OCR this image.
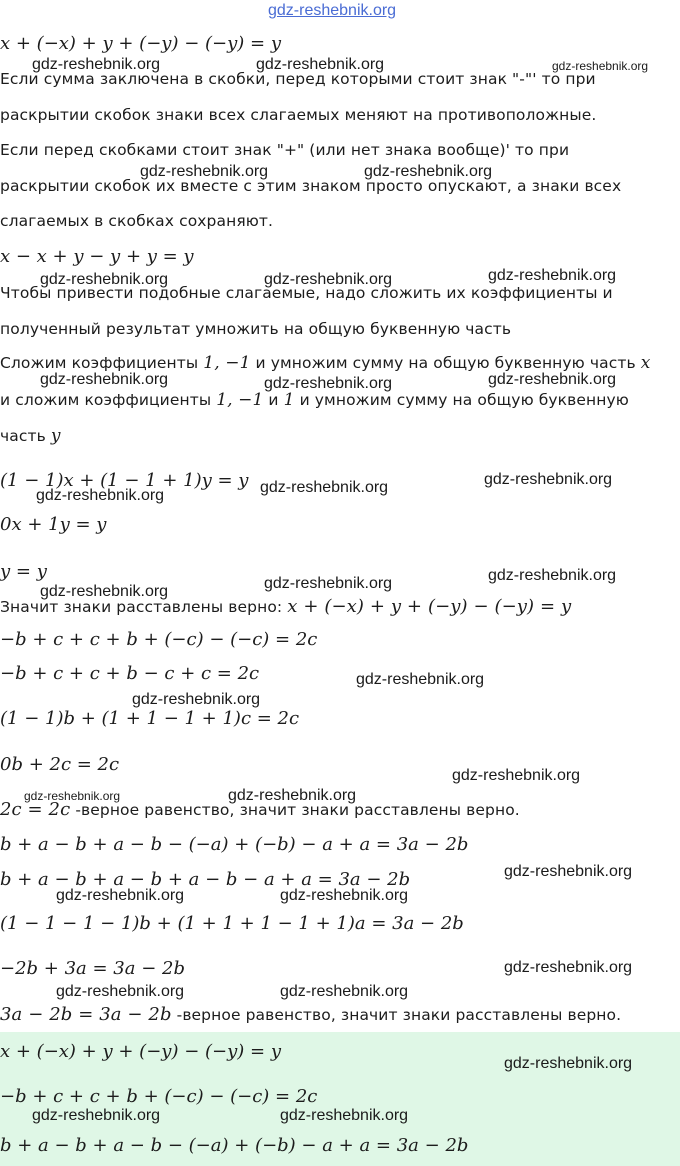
gdz-reshebnik.org
x + (−x) + y + (−y) − (−y) = y
Если сумма заключена в скобки, перед которыми стоит знак "-"' то при
раскрытии скобок знаки всех слагаемых меняют на противоположные.
Если перед скобками стоит знак "+" (или нет знака вообще)' то при
раскрытии скобок их вместе с этим знаком просто опускают, а знаки всех
слагаемых в скобках сохраняют.
x − x + y − y + y = y
Чтобы привести подобные слагаемые, надо сложить их коэффициенты и
полученный результат умножить на общую буквенную часть
Сложим коэффициенты 1, −1 и умножим сумму на общую буквенную часть x
и сложим коэффициенты 1, −1 и 1 и умножим сумму на общую буквенную
часть y
(1 − 1)x + (1 − 1 + 1)y = y
0x + 1y = y
y = y
Значит знаки расставлены верно: x + (−x) + y + (−y) − (−y) = y
−b + c + c + b + (−c) − (−c) = 2c
−b + c + c + b − c + c = 2c
(1 − 1)b + (1 + 1 − 1 + 1)c = 2c
0b + 2c = 2c
2c = 2c -верное равенство, значит знаки расставлены верно.
b + a − b + a − b − (−a) + (−b) − a + a = 3a − 2b
b + a − b + a − b + a − b − a + a = 3a − 2b
(1 − 1 − 1 − 1)b + (1 + 1 + 1 − 1 + 1)a = 3a − 2b
−2b + 3a = 3a − 2b
3a − 2b = 3a − 2b -верное равенство, значит знаки расставлены верно.
x + (−x) + y + (−y) − (−y) = y
−b + c + c + b + (−c) − (−c) = 2c
b + a − b + a − b − (−a) + (−b) − a + a = 3a − 2b
gdz-reshebnik.org	gdz-reshebnik.org	gdz-reshebnik.org
gdz-reshebnik.org	gdz-reshebnik.org
gdz-reshebnik.org	gdz-reshebnik.org	gdz-reshebnik.org
gdz-reshebnik.org	gdz-reshebnik.org	gdz-reshebnik.org
gdz-reshebnik.org	gdz-reshebnik.org	gdz-reshebnik.org
gdz-reshebnik.org	gdz-reshebnik.org	gdz-reshebnik.org
gdz-reshebnik.org
gdz-reshebnik.org
gdz-reshebnik.org
gdz-reshebnik.org	gdz-reshebnik.org
gdz-reshebnik.org
gdz-reshebnik.org	gdz-reshebnik.org
gdz-reshebnik.org
gdz-reshebnik.org	gdz-reshebnik.org
gdz-reshebnik.org
gdz-reshebnik.org	gdz-reshebnik.org
